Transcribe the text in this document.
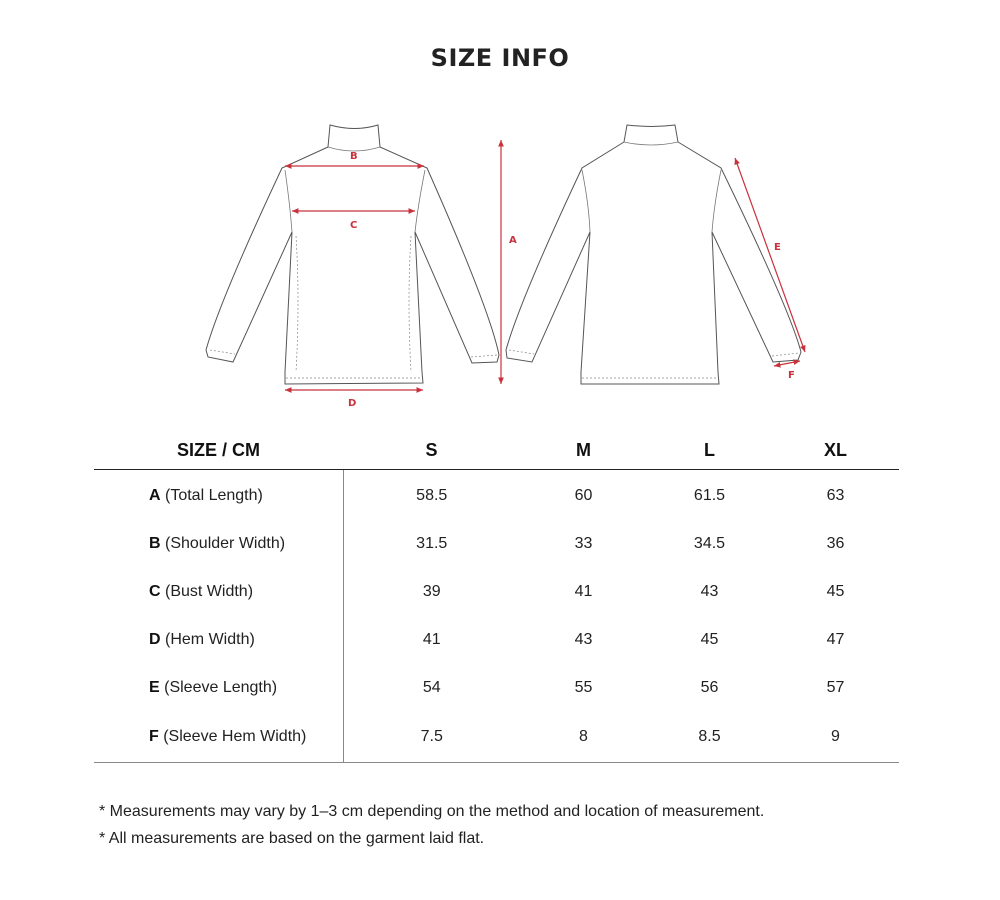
SIZE INFO
B
C
D
A
E
F
SIZE / CM	S	M	L	XL
A (Total Length)	58.5	60	61.5	63
B (Shoulder Width)	31.5	33	34.5	36
C (Bust Width)	39	41	43	45
D (Hem Width)	41	43	45	47
E (Sleeve Length)	54	55	56	57
F (Sleeve Hem Width)	7.5	8	8.5	9
* Measurements may vary by 1–3 cm depending on the method and location of measurement.
* All measurements are based on the garment laid flat.
